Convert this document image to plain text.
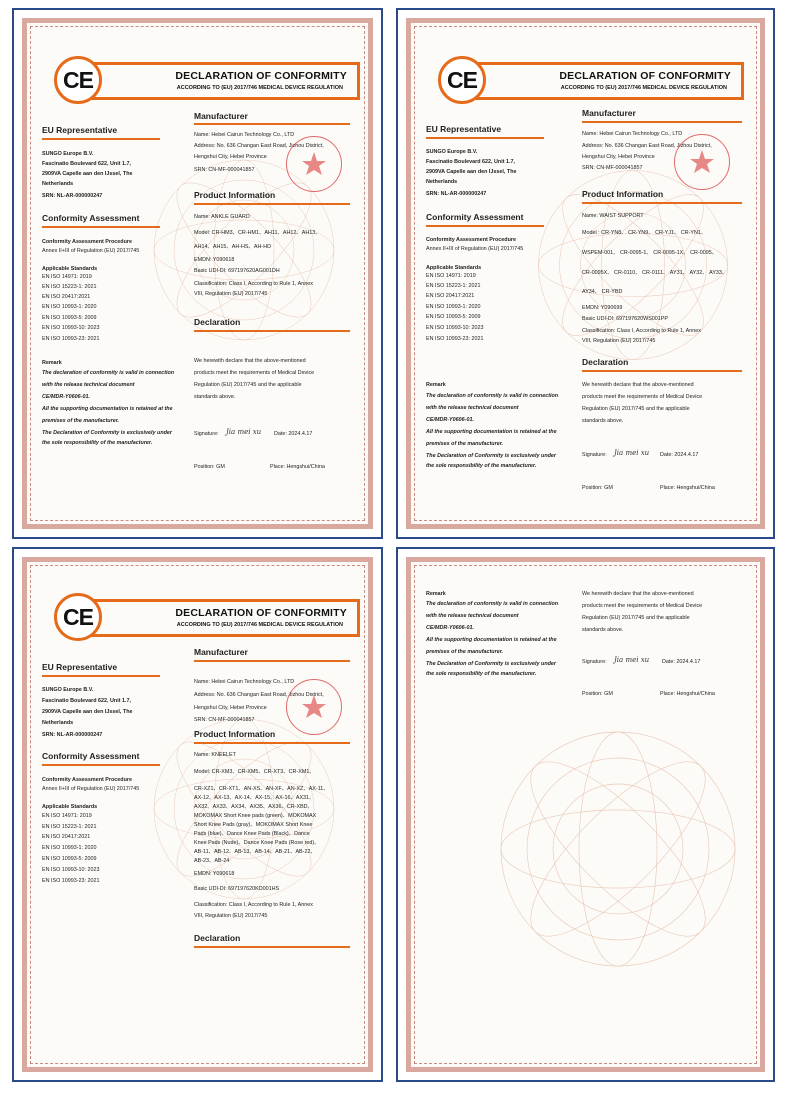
CE	DECLARATION OF CONFORMITY
ACCORDING TO (EU) 2017/746 MEDICAL DEVICE REGULATION
EU Representative
SUNGO Europe B.V.
Fascinatio Boulevard 622, Unit 1.7,
2909VA Capelle aan den IJssel, The
Netherlands
SRN: NL-AR-000000247
Conformity Assessment
Conformity Assessment Procedure
Annex II+III of Regulation (EU) 2017/745
Applicable Standards
EN ISO 14971: 2019
EN ISO 15223-1: 2021
EN ISO 20417:2021
EN ISO 10993-1: 2020
EN ISO 10993-5: 2009
EN ISO 10993-10: 2023
EN ISO 10993-23: 2021
Remark
The declaration of conformity is valid in connection
with the release technical document
CE/MDR-Y0606-01.
All the supporting documentation is retained at the
premises of the manufacturer.
The Declaration of Conformity is exclusively under
the sole responsibility of the manufacturer.
Manufacturer
Name: Hebei Cairun Technology Co., LTD
Address: No. 636 Changan East Road, Jizhou District,
Hengshui City, Hebei Province
SRN: CN-MF-000041857
Product Information
Name: ANKLE GUARD
Model: CR-HM3、CR-HM1、AH11、AH12、AH13、
AH14、AH15、AH-HS、AH-HD
EMDN: Y090618
Basic UDI-DI: 697197620AG001DH
Classification: Class I, According to Rule 1, Annex
VIII, Regulation (EU) 2017/745
Declaration
We herewith declare that the above-mentioned
products meet the requirements of Medical Device
Regulation (EU) 2017/745 and the applicable
standards above.
Signature: Jia mei xu Date: 2024.4.17
Position: GM	Place: Hengshui/China
CE	DECLARATION OF CONFORMITY
ACCORDING TO (EU) 2017/746 MEDICAL DEVICE REGULATION
EU Representative
SUNGO Europe B.V.
Fascinatio Boulevard 622, Unit 1.7,
2909VA Capelle aan den IJssel, The
Netherlands
SRN: NL-AR-000000247
Conformity Assessment
Conformity Assessment Procedure
Annex II+III of Regulation (EU) 2017/745
Applicable Standards
EN ISO 14971: 2019
EN ISO 15223-1: 2021
EN ISO 20417:2021
EN ISO 10993-1: 2020
EN ISO 10993-5: 2009
EN ISO 10993-10: 2023
EN ISO 10993-23: 2021
Remark
The declaration of conformity is valid in connection
with the release technical document
CE/MDR-Y0606-01.
All the supporting documentation is retained at the
premises of the manufacturer.
The Declaration of Conformity is exclusively under
the sole responsibility of the manufacturer.
Manufacturer
Name: Hebei Cairun Technology Co., LTD
Address: No. 636 Changan East Road, Jizhou District,
Hengshui City, Hebei Province
SRN: CN-MF-000041857
Product Information
Name: WAIST SUPPORT
Model : CR-YN8、 CR-YN9、 CR-YJ1、 CR-YN1、
WSPEM-001、 CR-0095-1、 CR-0095-1X、 CR-0095、
CR-0095X、 CR-0110、 CR-0111、 AY31、 AY32、 AY33、
AY34、 CR-YBD
EMDN: Y090699
Basic UDI-DI: 697197620WS001PP
Classification: Class I, According to Rule 1, Annex
VIII, Regulation (EU) 2017/745
Declaration
We herewith declare that the above-mentioned
products meet the requirements of Medical Device
Regulation (EU) 2017/745 and the applicable
standards above.
Signature: Jia mei xu Date: 2024.4.17
Position: GM	Place: Hengshui/China
CE	DECLARATION OF CONFORMITY
ACCORDING TO (EU) 2017/746 MEDICAL DEVICE REGULATION
EU Representative
SUNGO Europe B.V.
Fascinatio Boulevard 622, Unit 1.7,
2909VA Capelle aan den IJssel, The
Netherlands
SRN: NL-AR-000000247
Conformity Assessment
Conformity Assessment Procedure
Annex II+III of Regulation (EU) 2017/745
Applicable Standards
EN ISO 14971: 2019
EN ISO 15223-1: 2021
EN ISO 20417:2021
EN ISO 10993-1: 2020
EN ISO 10993-5: 2009
EN ISO 10993-10: 2023
EN ISO 10993-23: 2021
Manufacturer
Name: Hebei Cairun Technology Co., LTD
Address: No. 636 Changan East Road, Jizhou District,
Hengshui City, Hebei Province
SRN: CN-MF-000041857
Product Information
Name: KNEELET
Model: CR-XM3、CR-XM5、CR-XT3、CR-XM1、
CR-XZ1、CR-XT1、AN-XS、AN-XF、AN-XZ、AX-11、
AX-12、AX-13、AX-14、AX-15、AX-16、AX31、
AX32、AX33、AX34、AX35、AX36、CR-XBD、
MOKOMAX Short Knee pads (green)、MOKOMAX
Short Knee Pads (gray)、MOKOMAX Short Knee
Pads (blue)、Dance Knee Pads (Black)、Dance
Knee Pads (Nude)、Dance Knee Pads (Rose red)、
AB-11、AB-12、AB-13、AB-14、AB-21、AB-22、
AB-23、AB-24
EMDN: Y090618
Basic UDI-DI: 697197620KD001HS
Classification: Class I, According to Rule 1, Annex
VIII, Regulation (EU) 2017/745
Declaration
Remark
The declaration of conformity is valid in connection
with the release technical document
CE/MDR-Y0606-01.
All the supporting documentation is retained at the
premises of the manufacturer.
The Declaration of Conformity is exclusively under
the sole responsibility of the manufacturer.
We herewith declare that the above-mentioned
products meet the requirements of Medical Device
Regulation (EU) 2017/745 and the applicable
standards above.
Signature: Jia mei xu Date: 2024.4.17
Position: GM	Place: Hengshui/China
